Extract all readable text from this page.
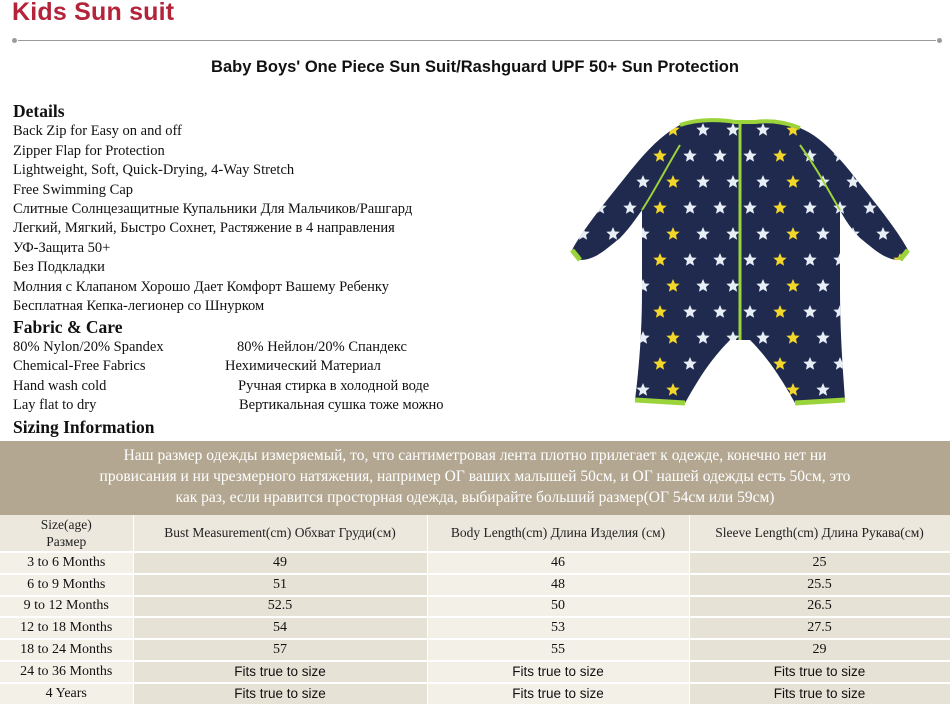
Kids Sun suit
Baby Boys' One Piece Sun Suit/Rashguard UPF 50+ Sun Protection
Details
Back Zip for Easy on and off
Zipper Flap for Protection
Lightweight, Soft, Quick-Drying, 4-Way Stretch
Free Swimming Cap
Слитные Солнцезащитные Купальники Для Мальчиков/Рашгард
Легкий, Мягкий, Быстро Сохнет, Растяжение в 4 направления
УФ-Защита 50+
Без Подкладки
Молния с Клапаном Хорошо Дает Комфорт Вашему Ребенку
Бесплатная Кепка-легионер со Шнурком
Fabric & Care
80% Nylon/20% Spandex	80% Нейлон/20% Спандекс
Chemical-Free Fabrics	Нехимический Материал
Hand wash cold	Ручная стирка в холодной воде
Lay flat to dry	Вертикальная сушка тоже можно
Sizing Information
Наш размер одежды измеряемый, то, что сантиметровая лента плотно прилегает к одежде, конечно нет ни
провисания и ни чрезмерного натяжения, например ОГ ваших малышей 50см, и ОГ нашей одежды есть 50см, это
как раз, если нравится просторная одежда, выбирайте больший размер(ОГ 54см или 59см)
Size(age)
Размер	Bust Measurement(cm) Обхват Груди(см)	Body Length(cm) Длина Изделия (см)	Sleeve Length(cm) Длина Рукава(см)
3 to 6 Months	49	46	25
6 to 9 Months	51	48	25.5
9 to 12 Months	52.5	50	26.5
12 to 18 Months	54	53	27.5
18 to 24 Months	57	55	29
24 to 36 Months	Fits true to size	Fits true to size	Fits true to size
4 Years	Fits true to size	Fits true to size	Fits true to size
